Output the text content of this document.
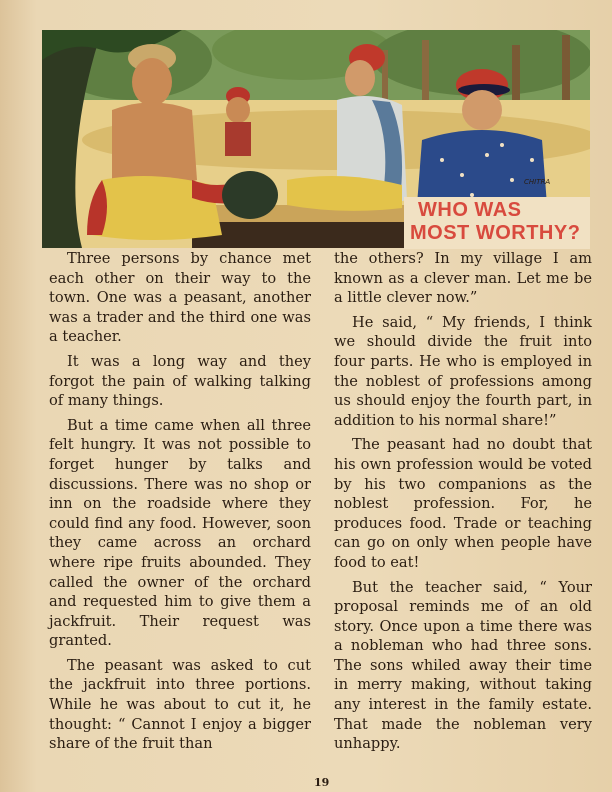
CHITRA
WHO WAS
MOST WORTHY?

Three persons by chance met each other on their way to the town. One was a peasant, another was a trader and the third one was a teacher.

It was a long way and they forgot the pain of walking talking of many things.

But a time came when all three felt hungry. It was not possible to forget hunger by talks and discussions. There was no shop or inn on the roadside where they could find any food. However, soon they came across an orchard where ripe fruits abounded. They called the owner of the orchard and requested him to give them a jackfruit. Their request was granted.

The peasant was asked to cut the jackfruit into three portions. While he was about to cut it, he thought: “ Cannot I enjoy a bigger share of the fruit than

the others? In my village I am known as a clever man. Let me be a little clever now.”

He said, “ My friends, I think we should divide the fruit into four parts. He who is employed in the noblest of professions among us should enjoy the fourth part, in addition to his normal share!”

The peasant had no doubt that his own profession would be voted by his two companions as the noblest profession. For, he produces food. Trade or teaching can go on only when people have food to eat!

But the teacher said, “ Your proposal reminds me of an old story. Once upon a time there was a nobleman who had three sons. The sons whiled away their time in merry making, without taking any interest in the family estate. That made the nobleman very unhappy.

19
